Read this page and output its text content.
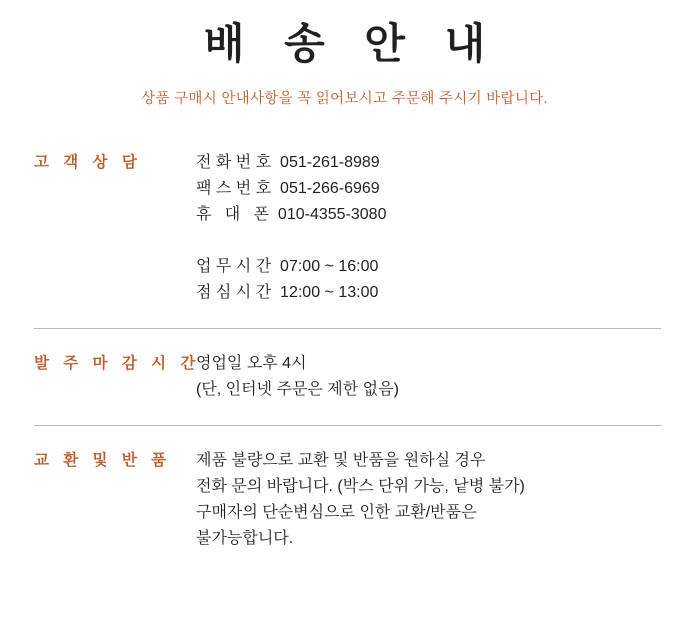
배 송 안 내
상품 구매시 안내사항을 꼭 읽어보시고 주문해 주시기 바랍니다.
고 객 상 담	전 화 번 호  051-261-8989
팩 스 번 호  051-266-6969
휴   대   폰  010-4355-3080
업 무 시 간  07:00 ~ 16:00
점 심 시 간  12:00 ~ 13:00
발 주 마 감 시 간
영업일 오후 4시
(단, 인터넷 주문은 제한 없음)
교 환 및 반 품	제품 불량으로 교환 및 반품을 원하실 경우
전화 문의 바랍니다. (박스 단위 가능, 낱병 불가)
구매자의 단순변심으로 인한 교환/반품은
불가능합니다.
